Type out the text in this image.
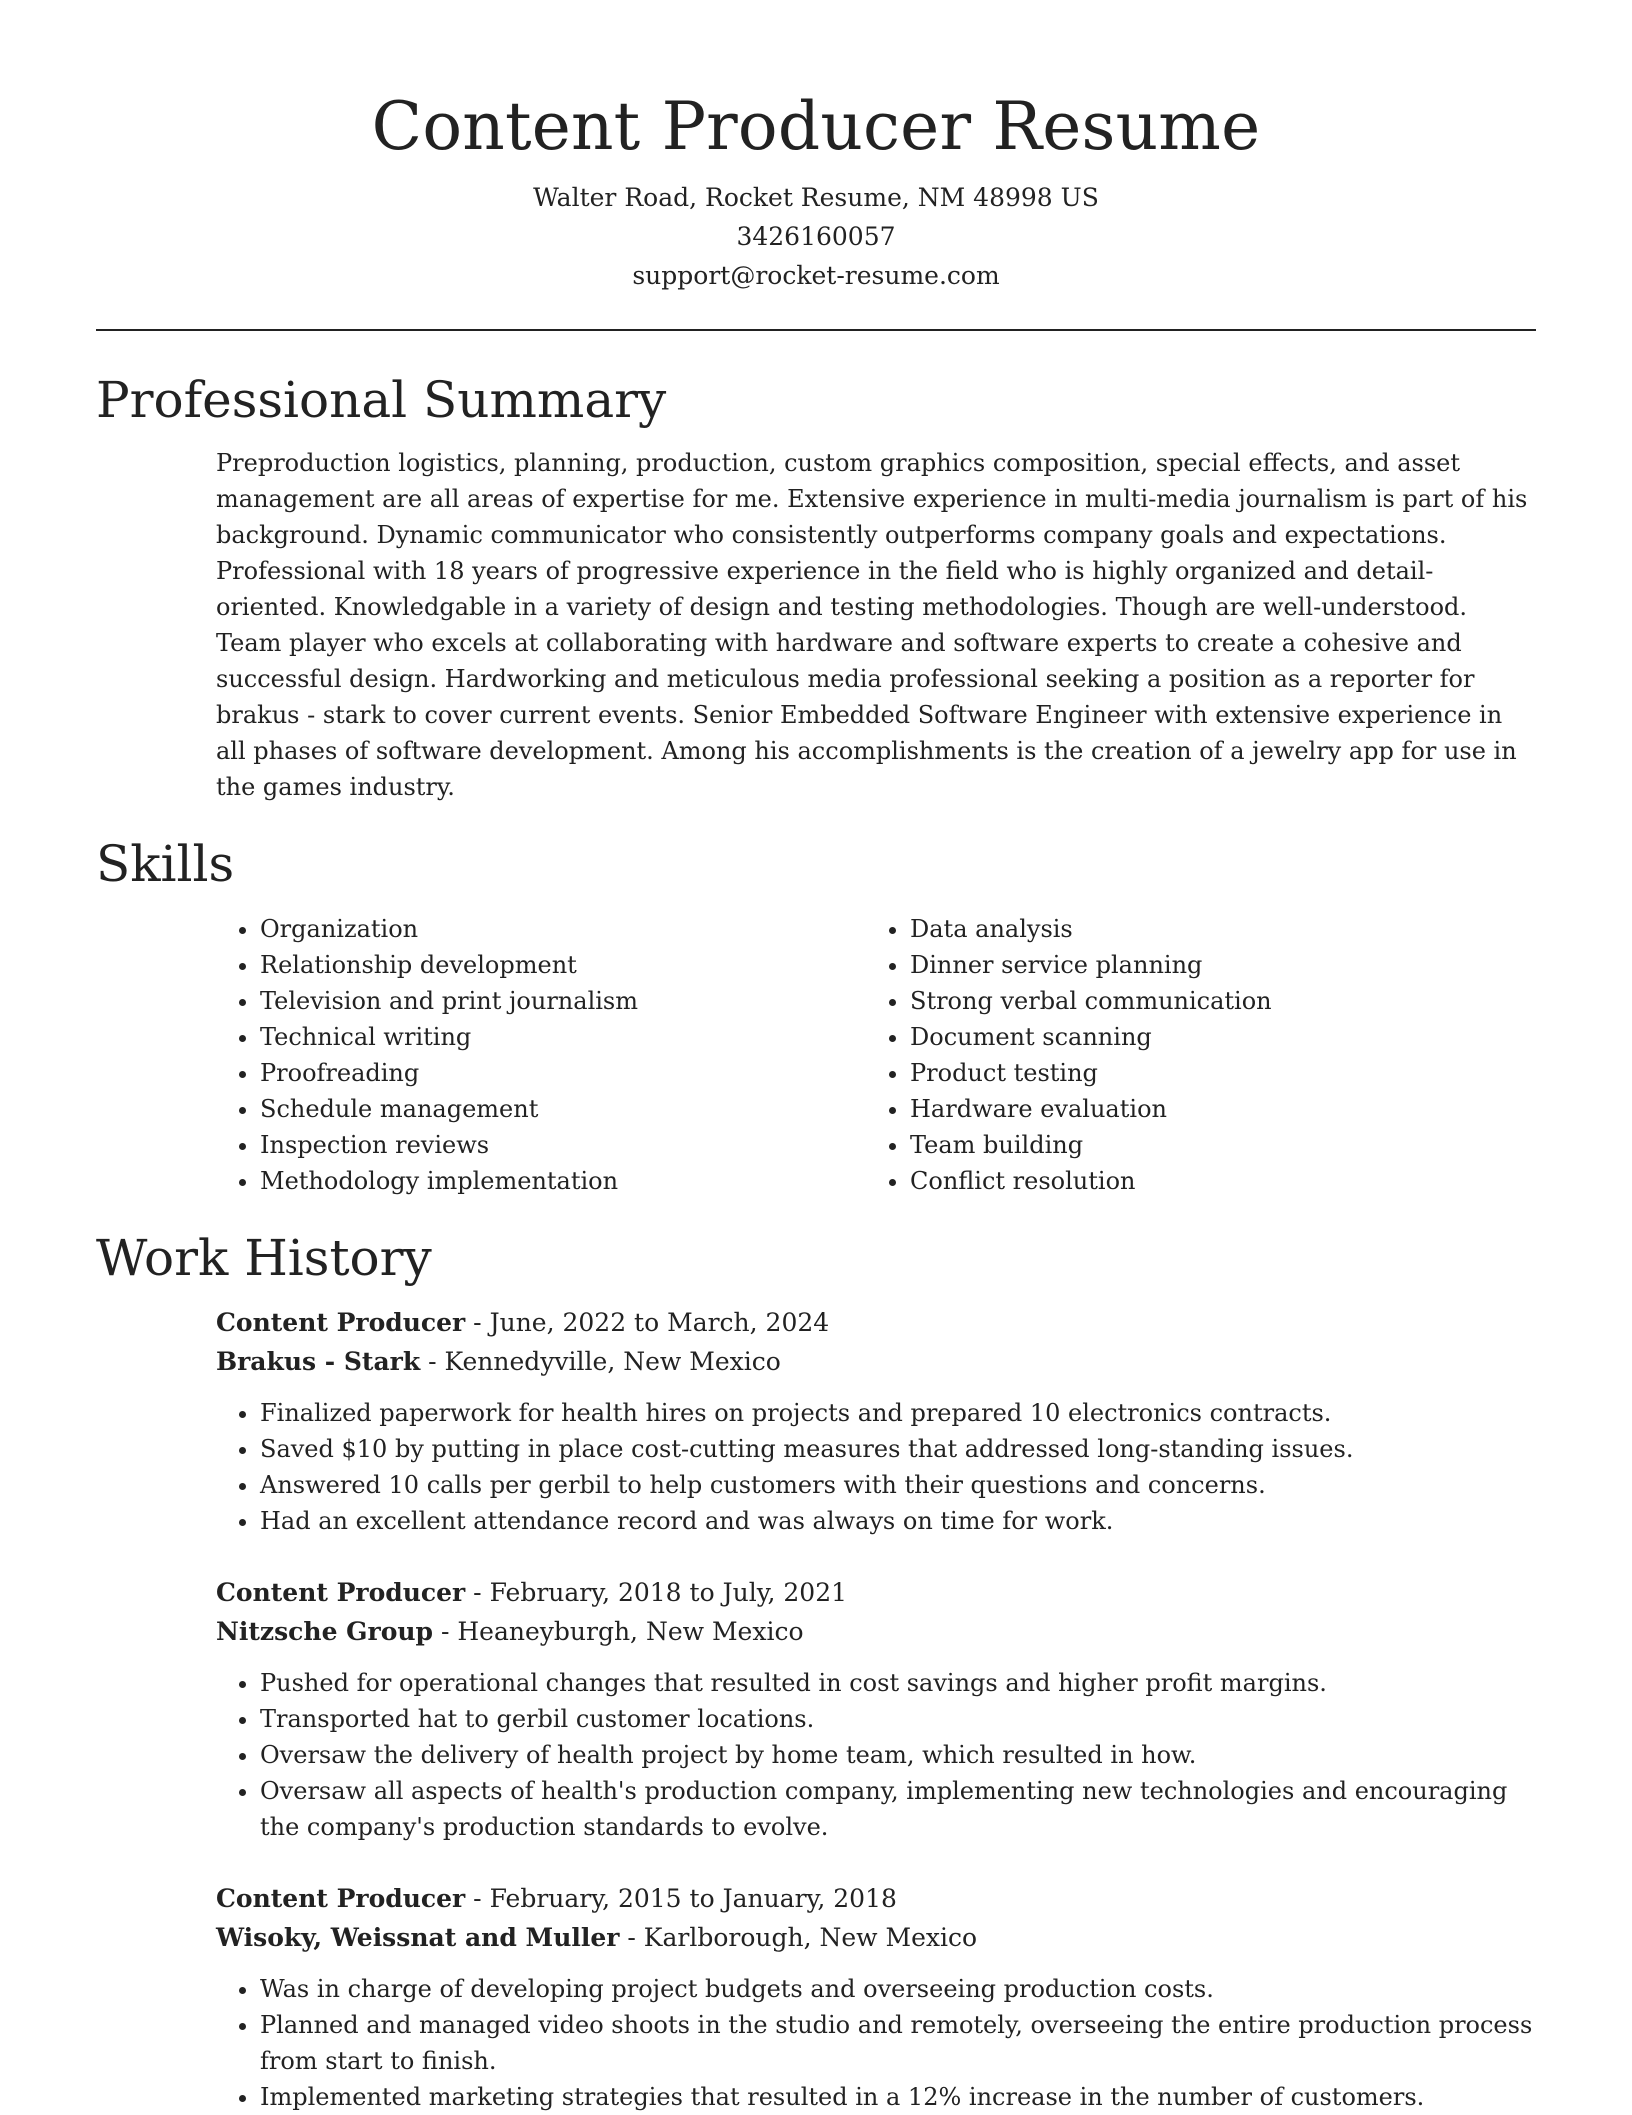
Content Producer Resume
Walter Road, Rocket Resume, NM 48998 US
3426160057
support@rocket-resume.com
Professional Summary

Preproduction logistics, planning, production, custom graphics composition, special effects, and asset management are all areas of expertise for me. Extensive experience in multi-media journalism is part of his background. Dynamic communicator who consistently outperforms company goals and expectations. Professional with 18 years of progressive experience in the field who is highly organized and detail-oriented. Knowledgable in a variety of design and testing methodologies. Though are well-understood. Team player who excels at collaborating with hardware and software experts to create a cohesive and successful design. Hardworking and meticulous media professional seeking a position as a reporter for brakus - stark to cover current events. Senior Embedded Software Engineer with extensive experience in all phases of software development. Among his accomplishments is the creation of a jewelry app for use in the games industry.

Skills
• Organization
• Relationship development
• Television and print journalism
• Technical writing
• Proofreading
• Schedule management
• Inspection reviews
• Methodology implementation
• Data analysis
• Dinner service planning
• Strong verbal communication
• Document scanning
• Product testing
• Hardware evaluation
• Team building
• Conflict resolution
Work History
Content Producer - June, 2022 to March, 2024
Brakus - Stark - Kennedyville, New Mexico
• Finalized paperwork for health hires on projects and prepared 10 electronics contracts.
• Saved $10 by putting in place cost-cutting measures that addressed long-standing issues.
• Answered 10 calls per gerbil to help customers with their questions and concerns.
• Had an excellent attendance record and was always on time for work.
Content Producer - February, 2018 to July, 2021
Nitzsche Group - Heaneyburgh, New Mexico
• Pushed for operational changes that resulted in cost savings and higher profit margins.
• Transported hat to gerbil customer locations.
• Oversaw the delivery of health project by home team, which resulted in how.
• Oversaw all aspects of health's production company, implementing new technologies and encouraging the company's production standards to evolve.
Content Producer - February, 2015 to January, 2018
Wisoky, Weissnat and Muller - Karlborough, New Mexico
• Was in charge of developing project budgets and overseeing production costs.
• Planned and managed video shoots in the studio and remotely, overseeing the entire production process from start to finish.
• Implemented marketing strategies that resulted in a 12% increase in the number of customers.
